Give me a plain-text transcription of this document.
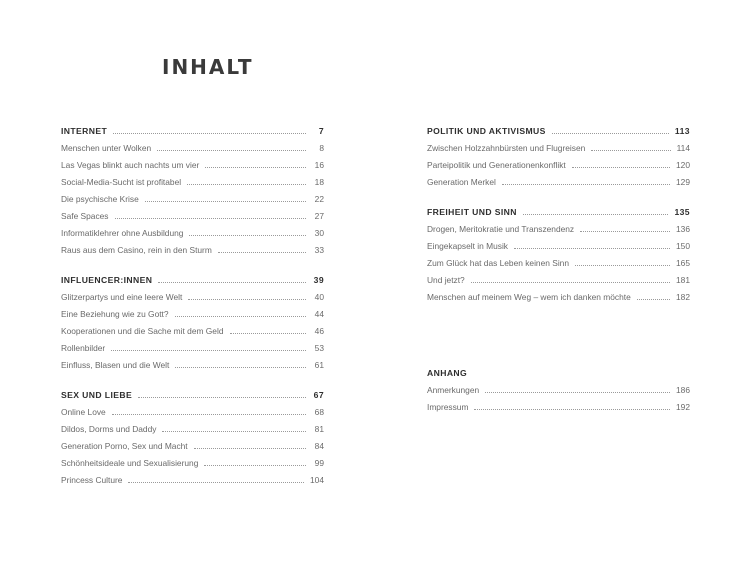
INHALT
INTERNET	7
Menschen unter Wolken	8
Las Vegas blinkt auch nachts um vier	16
Social-Media-Sucht ist profitabel	18
Die psychische Krise	22
Safe Spaces	27
Informatiklehrer ohne Ausbildung	30
Raus aus dem Casino, rein in den Sturm	33
INFLUENCER:INNEN	39
Glitzerpartys und eine leere Welt	40
Eine Beziehung wie zu Gott?	44
Kooperationen und die Sache mit dem Geld	46
Rollenbilder	53
Einfluss, Blasen und die Welt	61
SEX UND LIEBE	67
Online Love	68
Dildos, Dorms und Daddy	81
Generation Porno, Sex und Macht	84
Schönheitsideale und Sexualisierung	99
Princess Culture	104
POLITIK UND AKTIVISMUS	113
Zwischen Holzzahnbürsten und Flugreisen	114
Parteipolitik und Generationenkonflikt	120
Generation Merkel	129
FREIHEIT UND SINN	135
Drogen, Meritokratie und Transzendenz	136
Eingekapselt in Musik	150
Zum Glück hat das Leben keinen Sinn	165
Und jetzt?	181
Menschen auf meinem Weg – wem ich danken möchte	182
ANHANG
Anmerkungen	186
Impressum	192
